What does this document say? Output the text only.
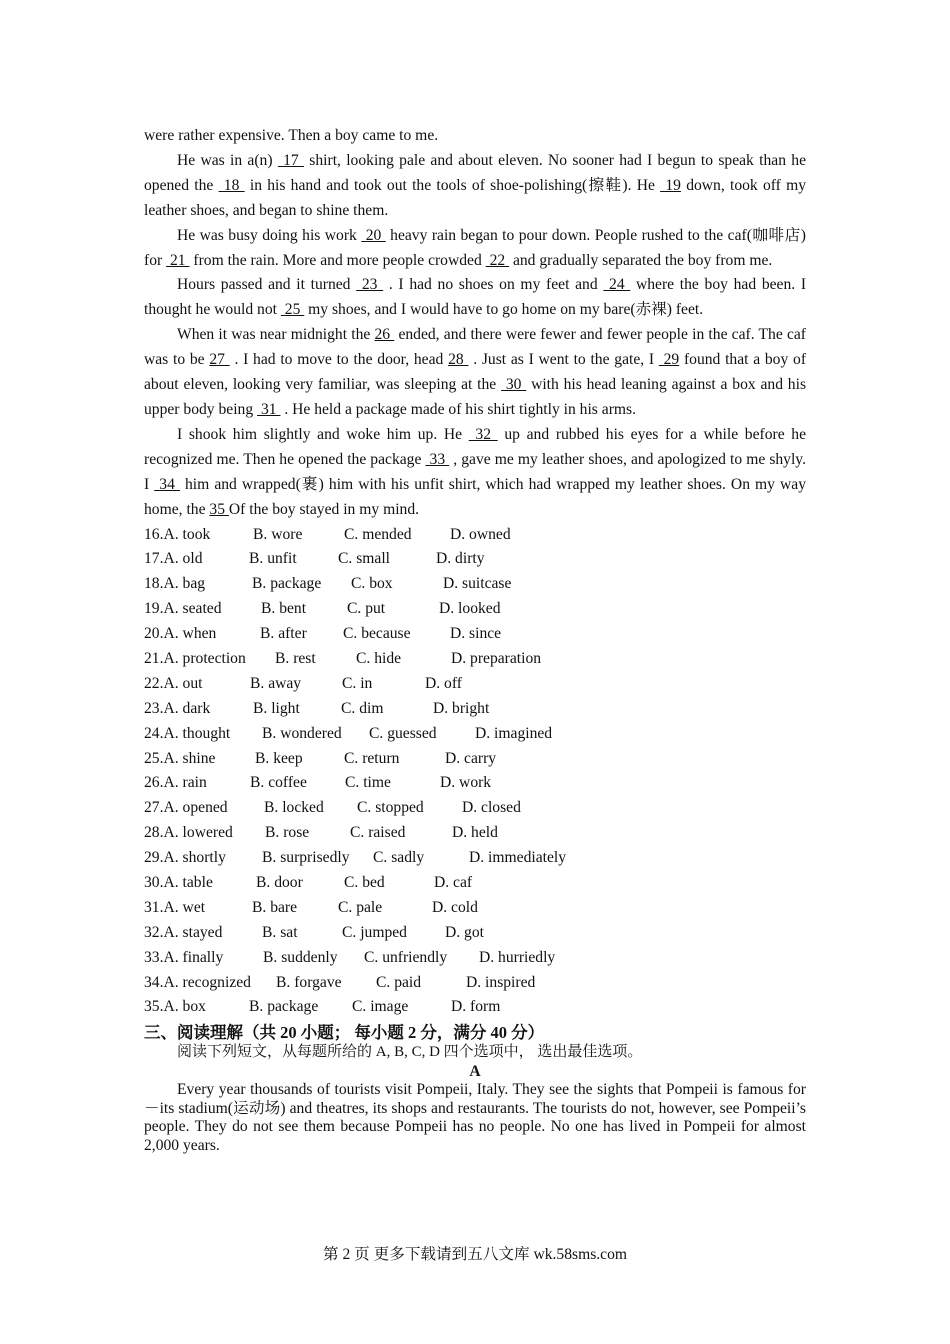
were rather expensive. Then a boy came to me.

He was in a(n)  17  shirt, looking pale and about eleven. No sooner had I begun to speak than he opened the  18  in his hand and took out the tools of shoe-polishing(擦鞋). He  19 down, took off my leather shoes, and began to shine them.

He was busy doing his work  20  heavy rain began to pour down. People rushed to the caf(咖啡店) for  21  from the rain. More and more people crowded  22  and gradually separated the boy from me.

Hours passed and it turned  23  . I had no shoes on my feet and  24  where the boy had been. I thought he would not  25  my shoes, and I would have to go home on my bare(赤裸) feet.

When it was near midnight the 26  ended, and there were fewer and fewer people in the caf. The caf was to be 27  . I had to move to the door, head 28  . Just as I went to the gate, I  29 found that a boy of about eleven, looking very familiar, was sleeping at the  30  with his head leaning against a box and his upper body being  31  . He held a package made of his shirt tightly in his arms.

I shook him slightly and woke him up. He  32  up and rubbed his eyes for a while before he recognized me. Then he opened the package  33  , gave me my leather shoes, and apologized to me shyly. I  34  him and wrapped(裹) him with his unfit shirt, which had wrapped my leather shoes. On my way home, the 35 Of the boy stayed in my mind.

16.A. took	B. wore	C. mended D. owned
17.A. old	B. unfit	C. small	D. dirty
18.A. bag	B. package C. box	D. suitcase
19.A. seated	B. bent	C. put	D. looked
20.A. when	B. after C. because	D. since
21.A. protection B. rest	C. hide	D. preparation
22.A. out	B. away	C. in	D. off
23.A. dark	B. light	C. dim	D. bright
24.A. thought B. wondered C. guessed D. imagined
25.A. shine	B. keep	C. return	D. carry
26.A. rain	B. coffee C. time	D. work
27.A. opened B. locked C. stopped D. closed
28.A. lowered B. rose	C. raised	D. held
29.A. shortly B. surprisedly C. sadly	D. immediately
30.A. table	B. door	C. bed	D. caf
31.A. wet	B. bare	C. pale	D. cold
32.A. stayed	B. sat	C. jumped D. got
33.A. finally	B. suddenly C. unfriendly D. hurriedly
34.A. recognized B. forgave C. paid	D. inspired
35.A. box	B. package C. image	D. form
三、阅读理解（共 20 小题； 每小题 2 分，满分 40 分）

阅读下列短文，从每题所给的 A, B, C, D 四个选项中， 选出最佳选项。

A

Every year thousands of tourists visit Pompeii, Italy. They see the sights that Pompeii is famous for－its stadium(运动场) and theatres, its shops and restaurants. The tourists do not, however, see Pompeii’s people. They do not see them because Pompeii has no people. No one has lived in Pompeii for almost 2,000 years.

第 2 页 更多下载请到五八文库 wk.58sms.com
